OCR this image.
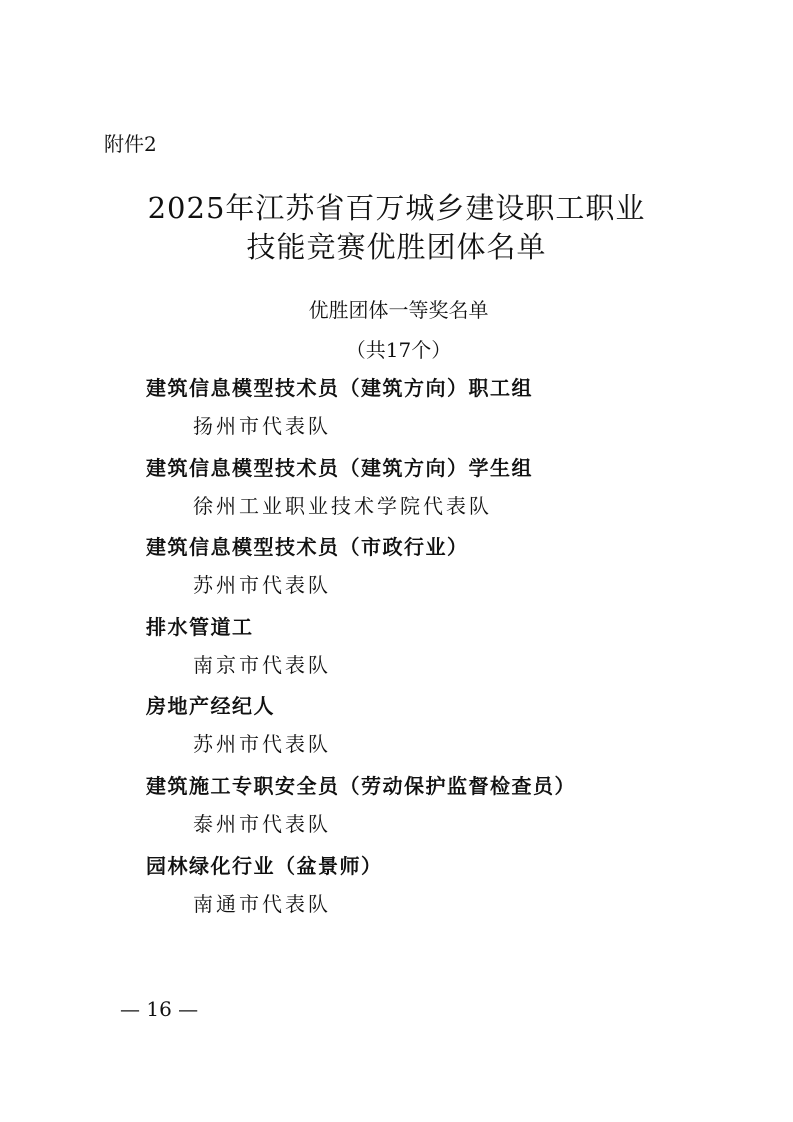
附件2
2025年江苏省百万城乡建设职工职业
技能竞赛优胜团体名单
优胜团体一等奖名单
（共17个）
建筑信息模型技术员（建筑方向）职工组
扬州市代表队
建筑信息模型技术员（建筑方向）学生组
徐州工业职业技术学院代表队
建筑信息模型技术员（市政行业）
苏州市代表队
排水管道工
南京市代表队
房地产经纪人
苏州市代表队
建筑施工专职安全员（劳动保护监督检查员）
泰州市代表队
园林绿化行业（盆景师）
南通市代表队
— 16 —
